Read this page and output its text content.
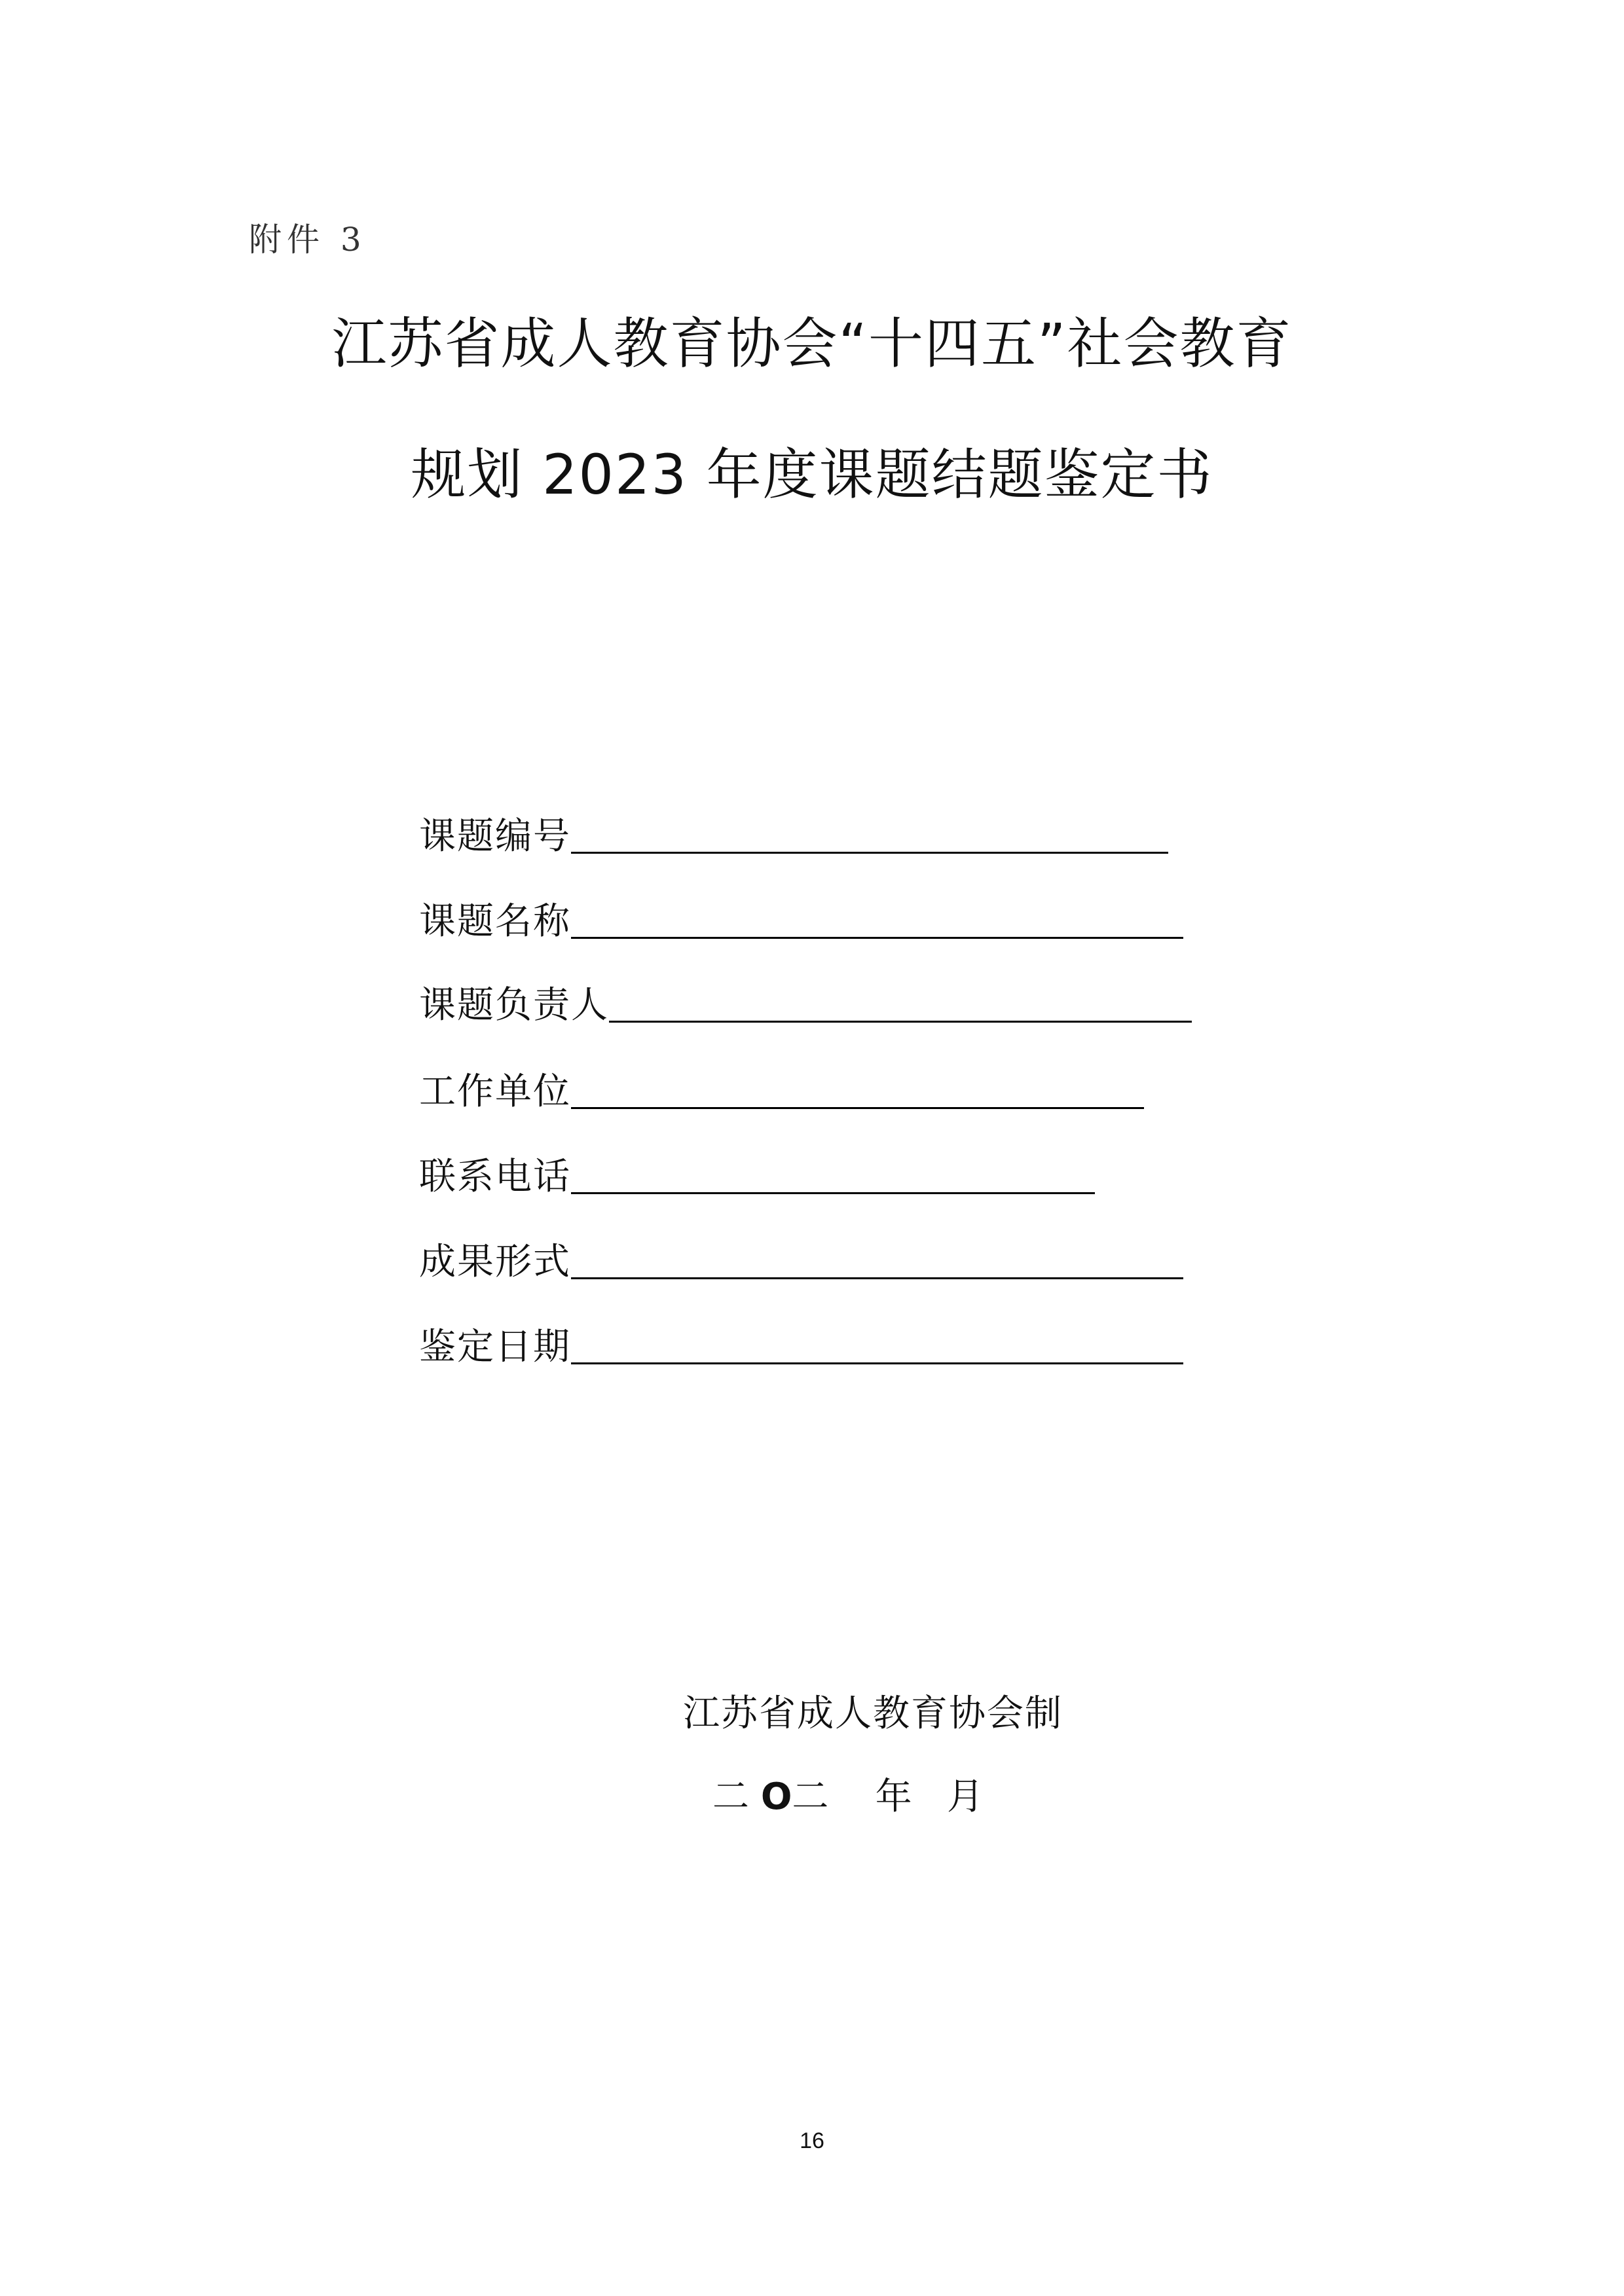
附件 3
江苏省成人教育协会“十四五”社会教育
规划 2023 年度课题结题鉴定书
课题编号
课题名称
课题负责人
工作单位
联系电话
成果形式
鉴定日期
江苏省成人教育协会制
二 O二    年   月
16
